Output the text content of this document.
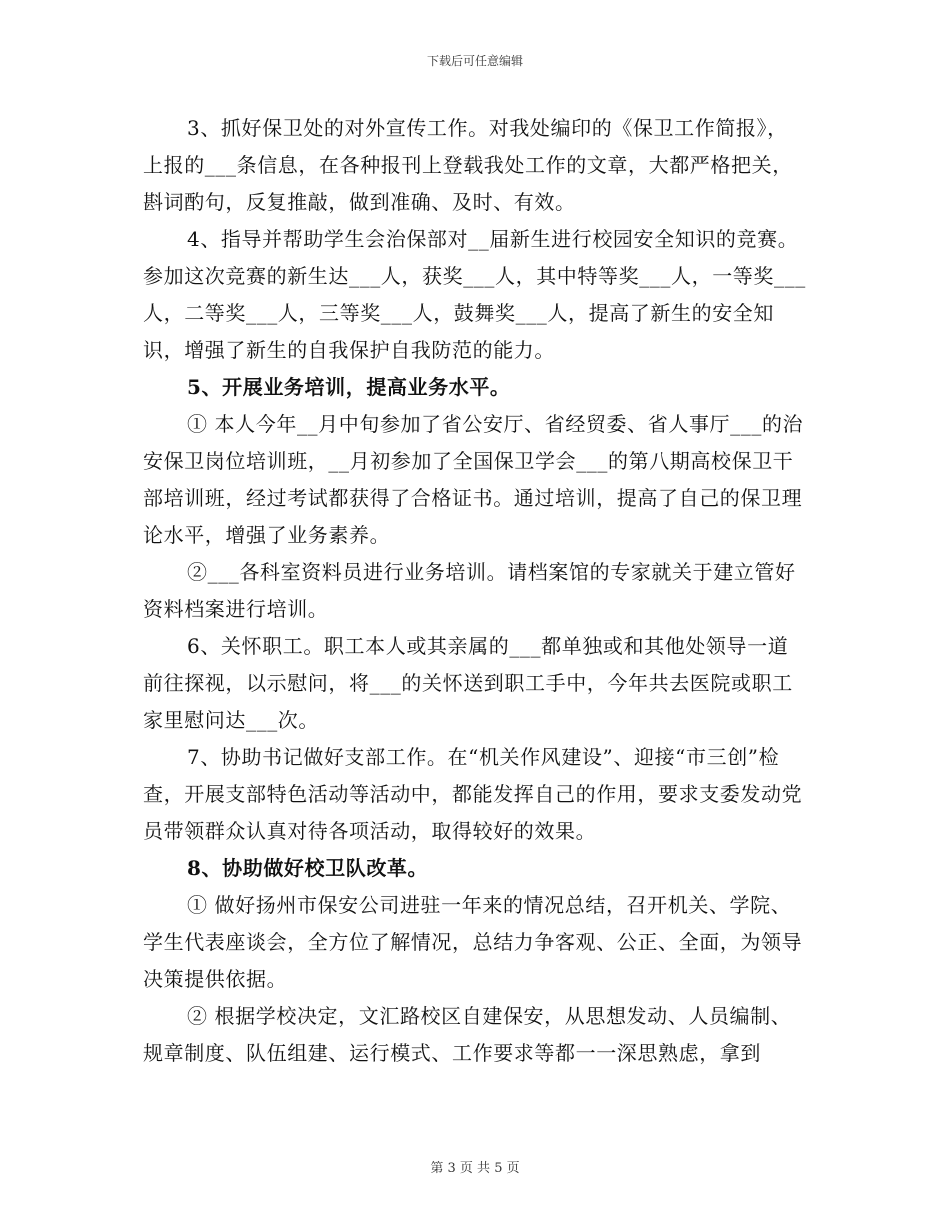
下载后可任意编辑

3、抓好保卫处的对外宣传工作。对我处编印的《保卫工作简报》，上报的___条信息，在各种报刊上登载我处工作的文章，大都严格把关，斟词酌句，反复推敲，做到准确、及时、有效。

4、指导并帮助学生会治保部对__届新生进行校园安全知识的竞赛。参加这次竞赛的新生达___人，获奖___人，其中特等奖___人，一等奖___人，二等奖___人，三等奖___人，鼓舞奖___人，提高了新生的安全知识，增强了新生的自我保护自我防范的能力。

5、开展业务培训，提高业务水平。

① 本人今年__月中旬参加了省公安厅、省经贸委、省人事厅___的治安保卫岗位培训班，__月初参加了全国保卫学会___的第八期高校保卫干部培训班，经过考试都获得了合格证书。通过培训，提高了自己的保卫理论水平，增强了业务素养。

②___各科室资料员进行业务培训。请档案馆的专家就关于建立管好资料档案进行培训。

6、关怀职工。职工本人或其亲属的___都单独或和其他处领导一道前往探视，以示慰问，将___的关怀送到职工手中，今年共去医院或职工家里慰问达___次。

7、协助书记做好支部工作。在“机关作风建设”、迎接“市三创”检查，开展支部特色活动等活动中，都能发挥自己的作用，要求支委发动党员带领群众认真对待各项活动，取得较好的效果。

8、协助做好校卫队改革。

① 做好扬州市保安公司进驻一年来的情况总结，召开机关、学院、学生代表座谈会，全方位了解情况，总结力争客观、公正、全面，为领导决策提供依据。

② 根据学校决定，文汇路校区自建保安，从思想发动、人员编制、规章制度、队伍组建、运行模式、工作要求等都一一深思熟虑，拿到

第 3 页 共 5 页
